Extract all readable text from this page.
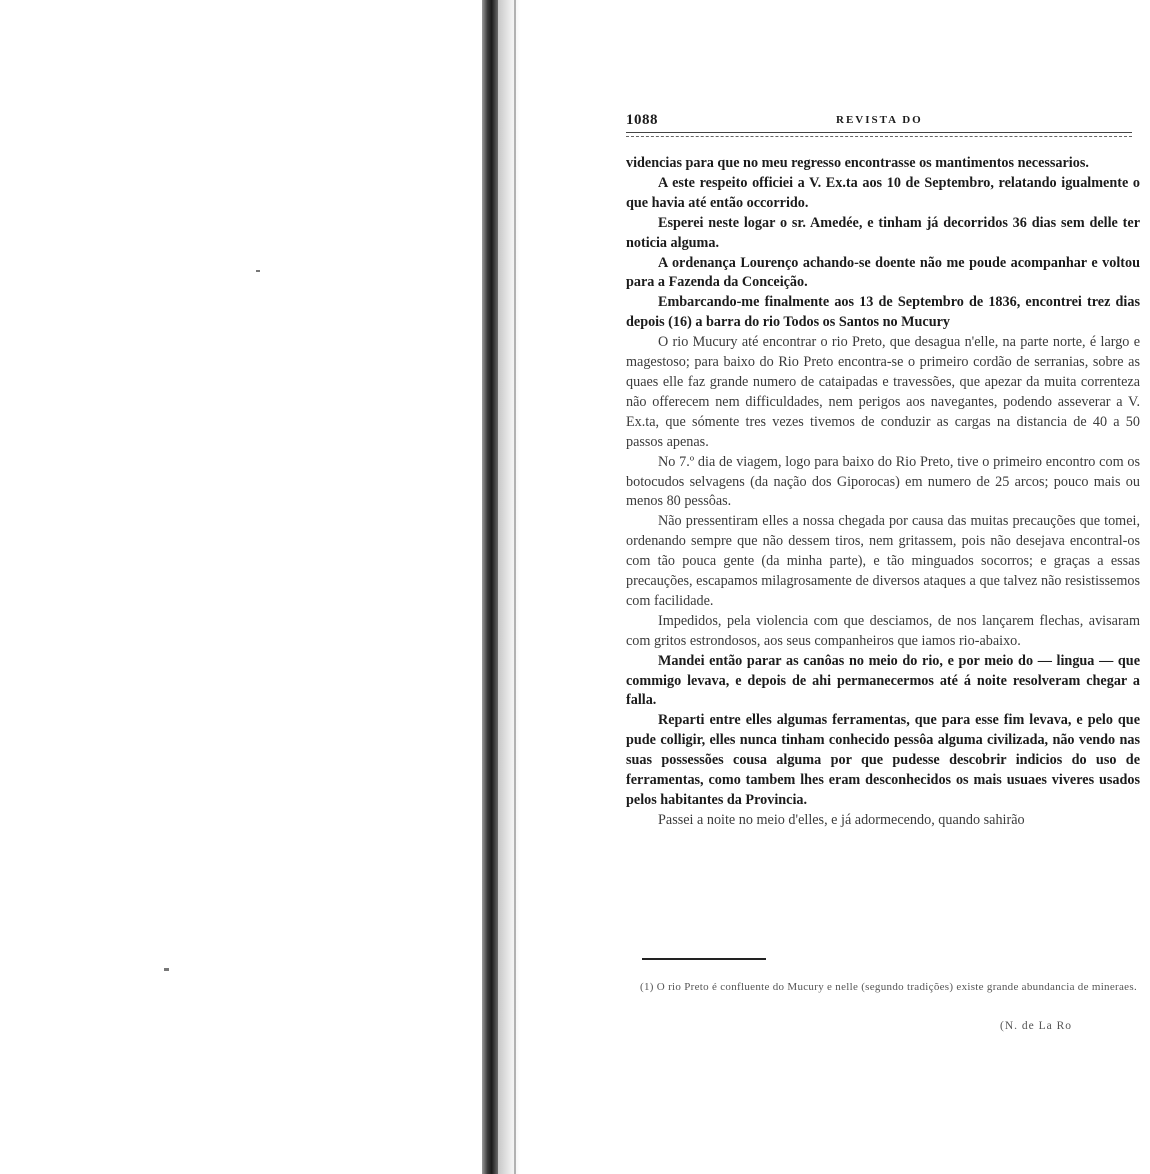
1088	REVISTA DO

videncias para que no meu regresso encontrasse os mantimentos necessarios.

A este respeito officiei a V. Ex.ta aos 10 de Septembro, relatando igualmente o que havia até então occorrido.

Esperei neste logar o sr. Amedée, e tinham já decorridos 36 dias sem delle ter noticia alguma.

A ordenança Lourenço achando-se doente não me poude acompanhar e voltou para a Fazenda da Conceição.

Embarcando-me finalmente aos 13 de Septembro de 1836, encontrei trez dias depois (16) a barra do rio Todos os Santos no Mucury

O rio Mucury até encontrar o rio Preto, que desagua n'elle, na parte norte, é largo e magestoso; para baixo do Rio Preto encontra-se o primeiro cordão de serranias, sobre as quaes elle faz grande numero de cataipadas e travessões, que apezar da muita correnteza não offerecem nem difficuldades, nem perigos aos navegantes, podendo asseverar a V. Ex.ta, que sómente tres vezes tivemos de conduzir as cargas na distancia de 40 a 50 passos apenas.

No 7.º dia de viagem, logo para baixo do Rio Preto, tive o primeiro encontro com os botocudos selvagens (da nação dos Giporocas) em numero de 25 arcos; pouco mais ou menos 80 pessôas.

Não pressentiram elles a nossa chegada por causa das muitas precauções que tomei, ordenando sempre que não dessem tiros, nem gritassem, pois não desejava encontral-os com tão pouca gente (da minha parte), e tão minguados socorros; e graças a essas precauções, escapamos milagrosamente de diversos ataques a que talvez não resistissemos com facilidade.

Impedidos, pela violencia com que desciamos, de nos lançarem flechas, avisaram com gritos estrondosos, aos seus companheiros que iamos rio-abaixo.

Mandei então parar as canôas no meio do rio, e por meio do — lingua — que commigo levava, e depois de ahi permanecermos até á noite resolveram chegar a falla.

Reparti entre elles algumas ferramentas, que para esse fim levava, e pelo que pude colligir, elles nunca tinham conhecido pessôa alguma civilizada, não vendo nas suas possessões cousa alguma por que pudesse descobrir indicios do uso de ferramentas, como tambem lhes eram desconhecidos os mais usuaes viveres usados pelos habitantes da Provincia.

Passei a noite no meio d'elles, e já adormecendo, quando sahirão

(1) O rio Preto é confluente do Mucury e nelle (segundo tradições) existe grande abundancia de mineraes.
(N. de La Ro
